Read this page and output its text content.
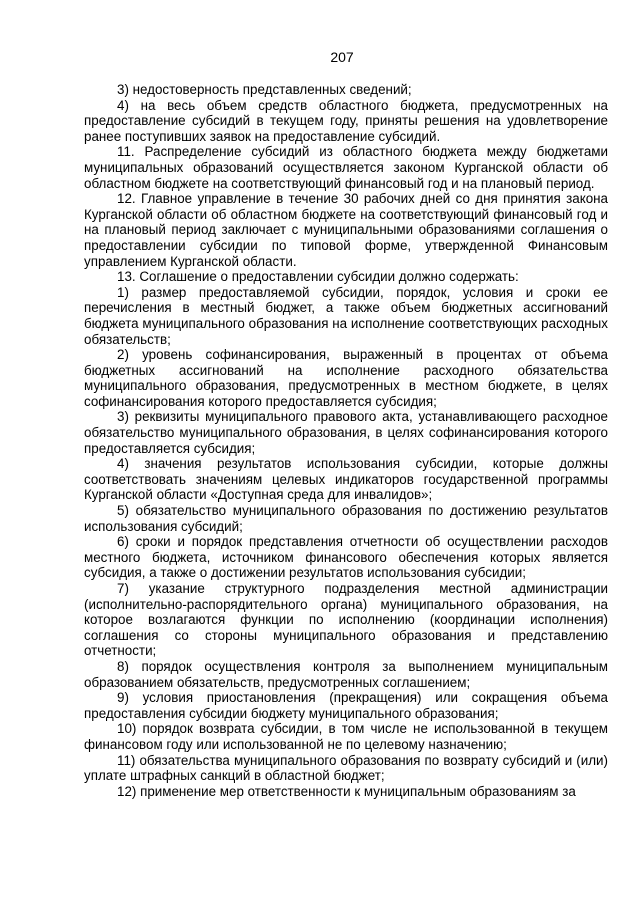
207

3) недостоверность представленных сведений;

4) на весь объем средств областного бюджета, предусмотренных на предоставление субсидий в текущем году, приняты решения на удовлетворение ранее поступивших заявок на предоставление субсидий.

11. Распределение субсидий из областного бюджета между бюджетами муниципальных образований осуществляется законом Курганской области об областном бюджете на соответствующий финансовый год и на плановый период.

12. Главное управление в течение 30 рабочих дней со дня принятия закона Курганской области об областном бюджете на соответствующий финансовый год и на плановый период заключает с муниципальными образованиями соглашения о предоставлении субсидии по типовой форме, утвержденной Финансовым управлением Курганской области.

13. Соглашение о предоставлении субсидии должно содержать:

1) размер предоставляемой субсидии, порядок, условия и сроки ее перечисления в местный бюджет, а также объем бюджетных ассигнований бюджета муниципального образования на исполнение соответствующих расходных обязательств;

2) уровень софинансирования, выраженный в процентах от объема бюджетных ассигнований на исполнение расходного обязательства муниципального образования, предусмотренных в местном бюджете, в целях софинансирования которого предоставляется субсидия;

3) реквизиты муниципального правового акта, устанавливающего расходное обязательство муниципального образования, в целях софинансирования которого предоставляется субсидия;

4) значения результатов использования субсидии, которые должны соответствовать значениям целевых индикаторов государственной программы Курганской области «Доступная среда для инвалидов»;

5) обязательство муниципального образования по достижению результатов использования субсидий;

6) сроки и порядок представления отчетности об осуществлении расходов местного бюджета, источником финансового обеспечения которых является субсидия, а также о достижении результатов использования субсидии;

7) указание структурного подразделения местной администрации (исполнительно-распорядительного органа) муниципального образования, на которое возлагаются функции по исполнению (координации исполнения) соглашения со стороны муниципального образования и представлению отчетности;

8) порядок осуществления контроля за выполнением муниципальным образованием обязательств, предусмотренных соглашением;

9) условия приостановления (прекращения) или сокращения объема предоставления субсидии бюджету муниципального образования;

10) порядок возврата субсидии, в том числе не использованной в текущем финансовом году или использованной не по целевому назначению;

11) обязательства муниципального образования по возврату субсидий и (или) уплате штрафных санкций в областной бюджет;

12) применение мер ответственности к муниципальным образованиям за
